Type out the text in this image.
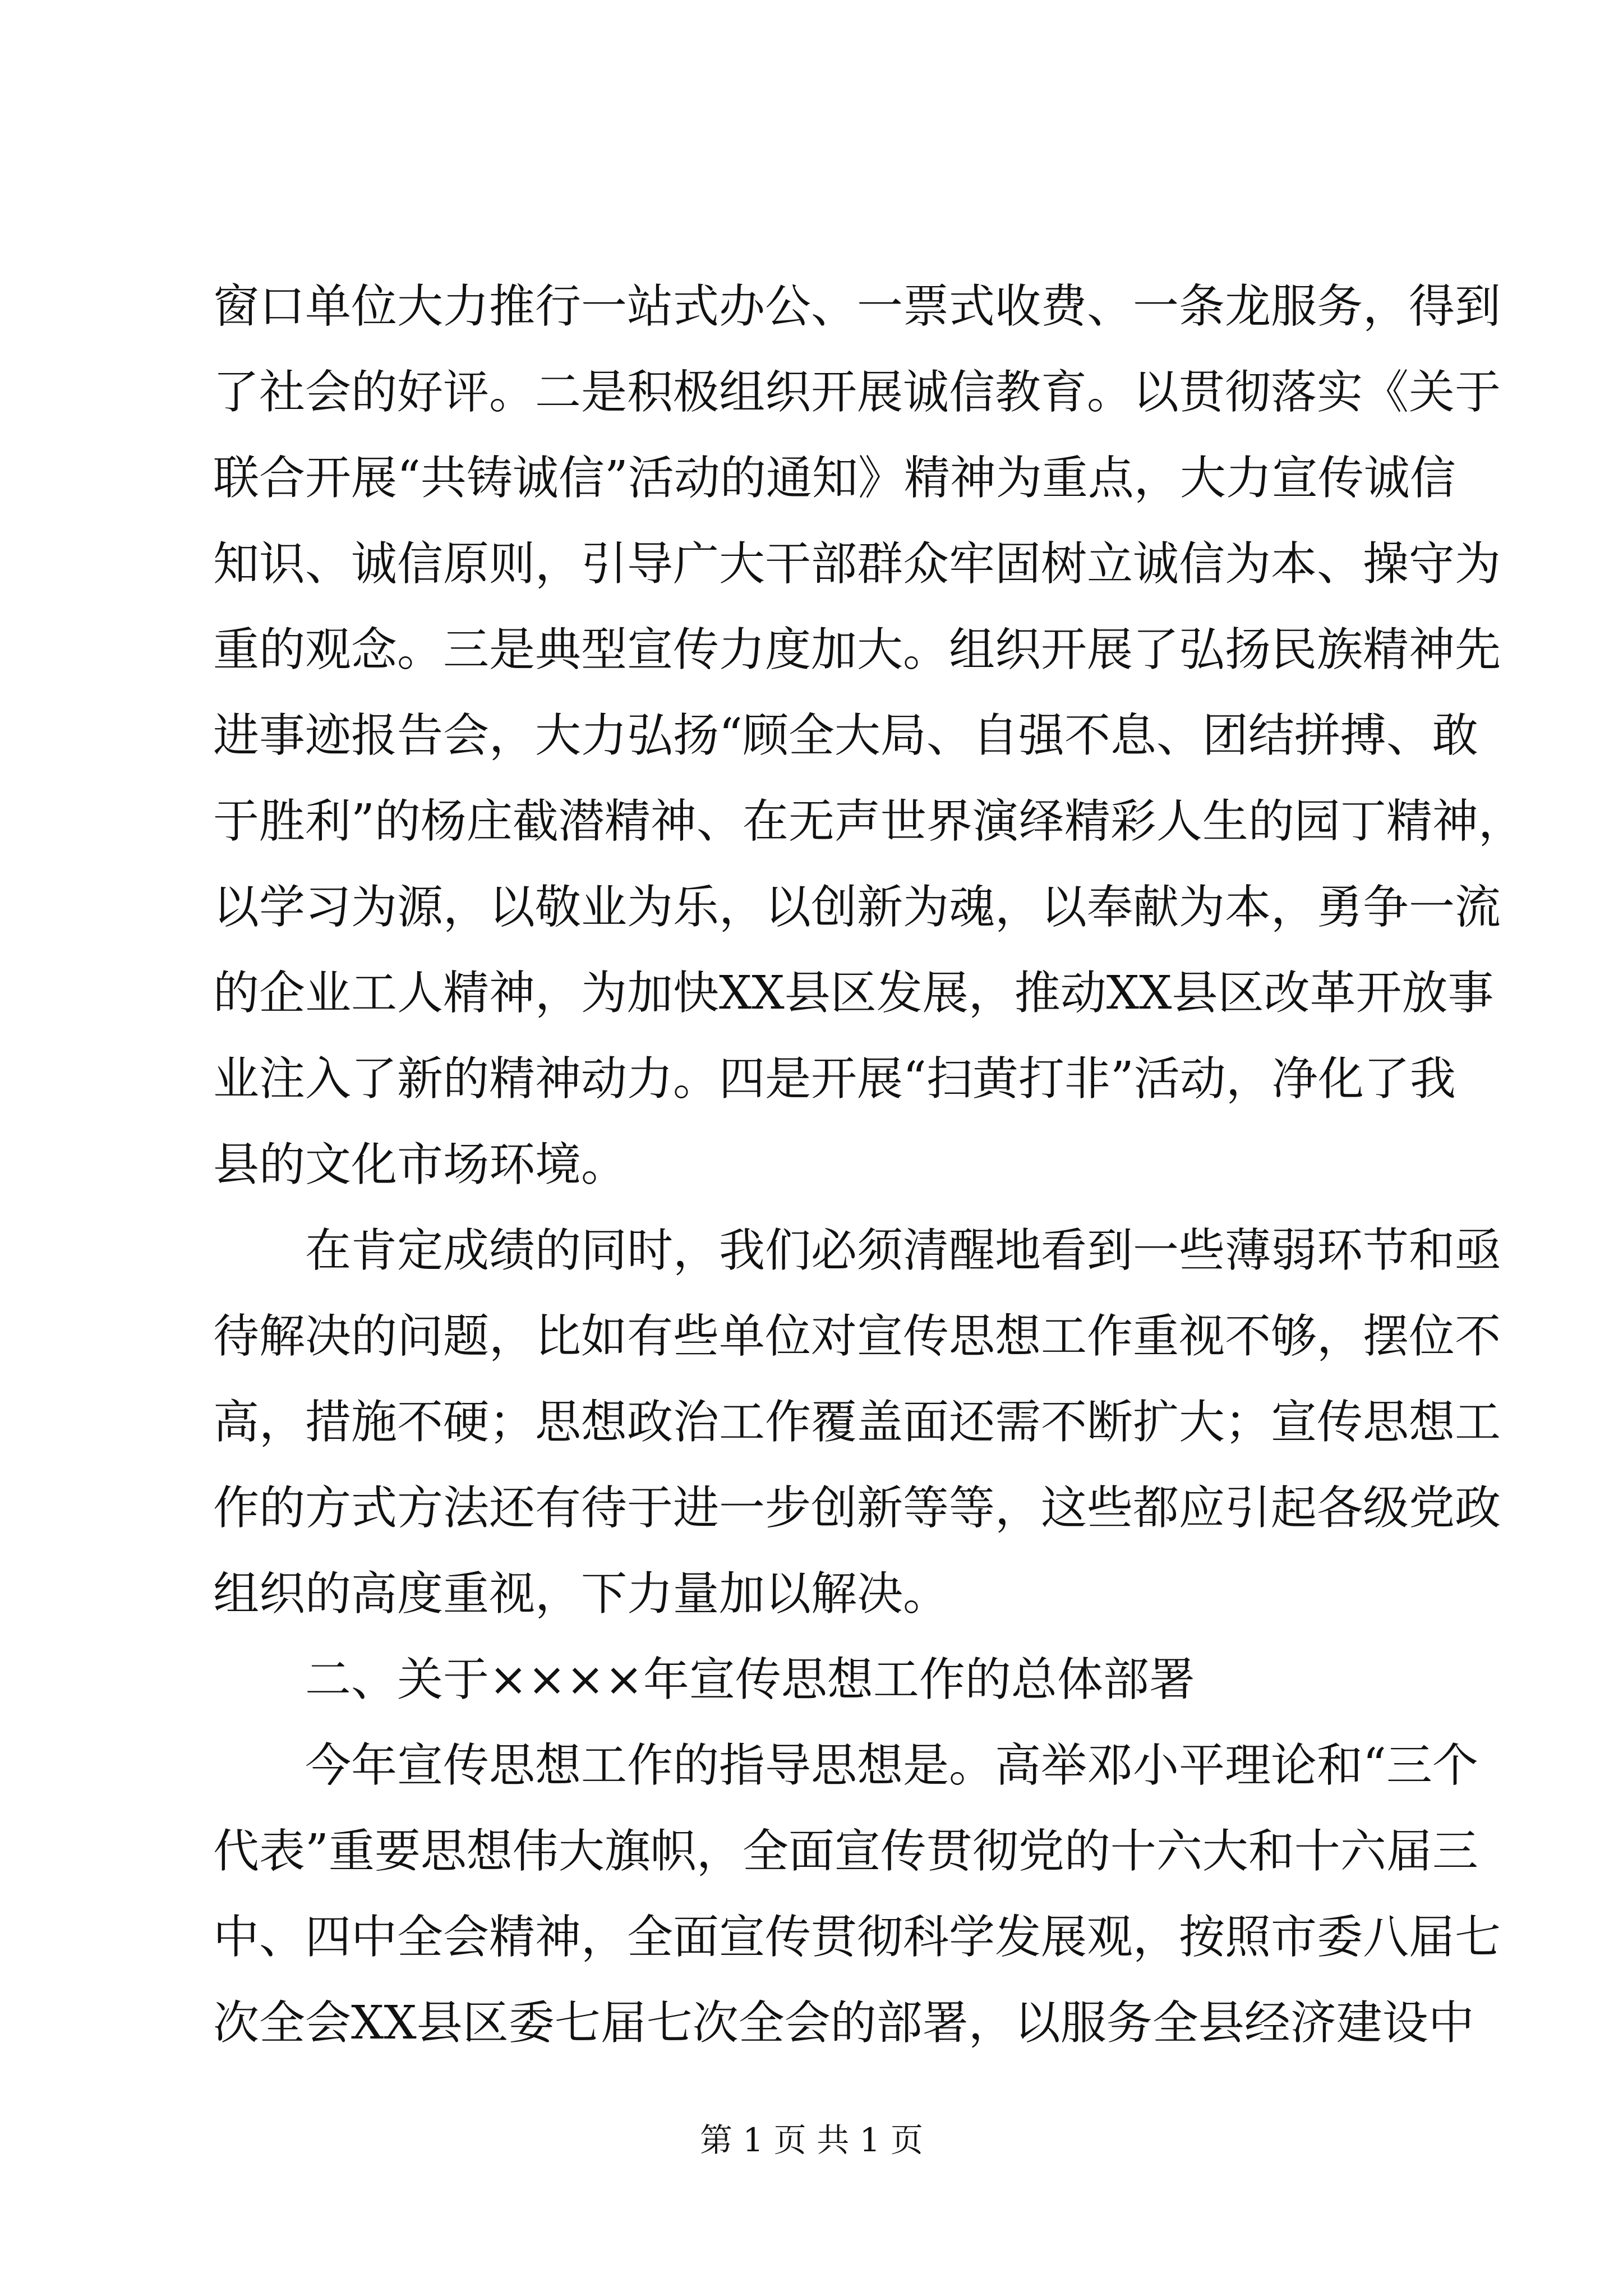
窗口单位大力推行一站式办公、一票式收费、一条龙服务，得到
了社会的好评。二是积极组织开展诚信教育。以贯彻落实《关于
联合开展“共铸诚信”活动的通知》精神为重点，大力宣传诚信
知识、诚信原则，引导广大干部群众牢固树立诚信为本、操守为
重的观念。三是典型宣传力度加大。组织开展了弘扬民族精神先
进事迹报告会，大力弘扬“顾全大局、自强不息、团结拼搏、敢
于胜利”的杨庄截潜精神、在无声世界演绎精彩人生的园丁精神，
以学习为源，以敬业为乐，以创新为魂，以奉献为本，勇争一流
的企业工人精神，为加快XX县区发展，推动XX县区改革开放事
业注入了新的精神动力。四是开展“扫黄打非”活动，净化了我
县的文化市场环境。
在肯定成绩的同时，我们必须清醒地看到一些薄弱环节和亟
待解决的问题，比如有些单位对宣传思想工作重视不够，摆位不
高，措施不硬；思想政治工作覆盖面还需不断扩大；宣传思想工
作的方式方法还有待于进一步创新等等，这些都应引起各级党政
组织的高度重视，下力量加以解决。
二、关于××××年宣传思想工作的总体部署
今年宣传思想工作的指导思想是。高举邓小平理论和“三个
代表”重要思想伟大旗帜，全面宣传贯彻党的十六大和十六届三
中、四中全会精神，全面宣传贯彻科学发展观，按照市委八届七
次全会XX县区委七届七次全会的部署，以服务全县经济建设中
第 1 页 共 1 页
